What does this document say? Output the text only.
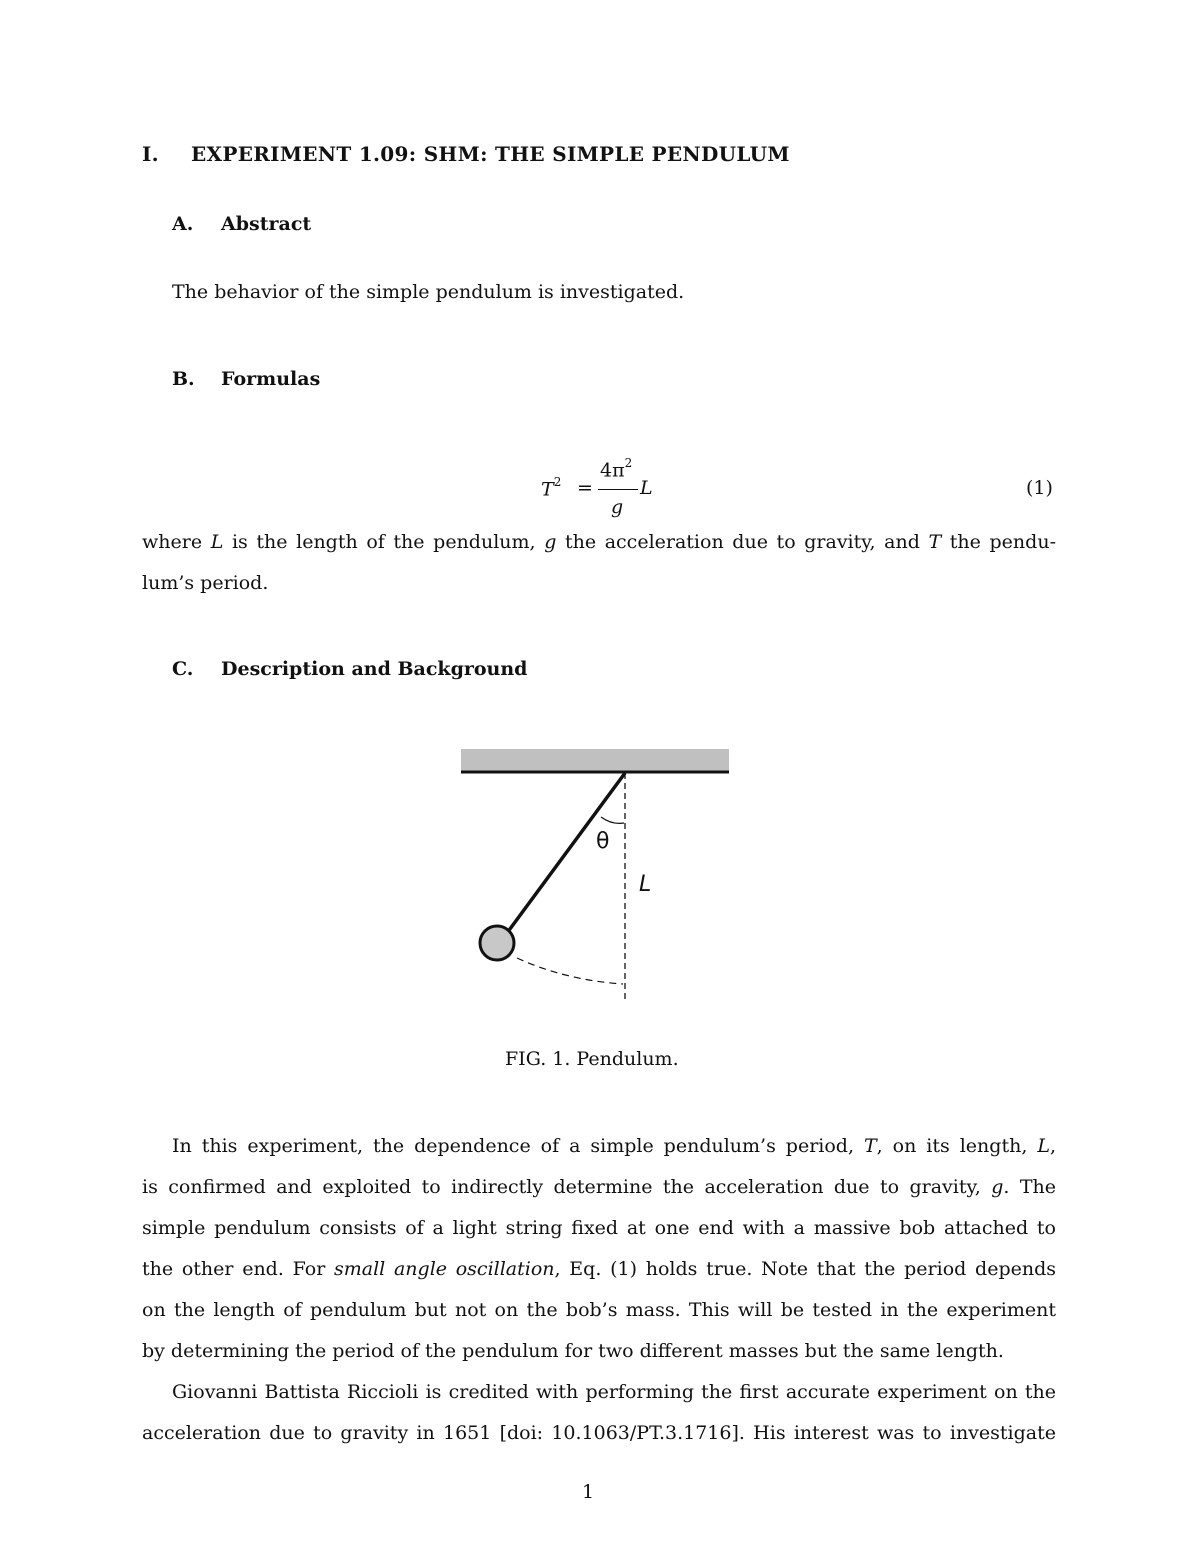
I. EXPERIMENT 1.09: SHM: THE SIMPLE PENDULUM
A. Abstract
The behavior of the simple pendulum is investigated.
B. Formulas
$T^2$ =
$4\pi^2$
g
L	(1)
where L is the length of the pendulum, g the acceleration due to gravity, and T the pendu-
lum’s period.
C. Description and Background
θ
L
FIG. 1. Pendulum.
In this experiment, the dependence of a simple pendulum’s period, T, on its length, L,
is confirmed and exploited to indirectly determine the acceleration due to gravity, g. The
simple pendulum consists of a light string fixed at one end with a massive bob attached to
the other end. For small angle oscillation, Eq. (1) holds true. Note that the period depends
on the length of pendulum but not on the bob’s mass. This will be tested in the experiment
by determining the period of the pendulum for two different masses but the same length.
Giovanni Battista Riccioli is credited with performing the first accurate experiment on the
acceleration due to gravity in 1651 [doi: 10.1063/PT.3.1716]. His interest was to investigate
1
